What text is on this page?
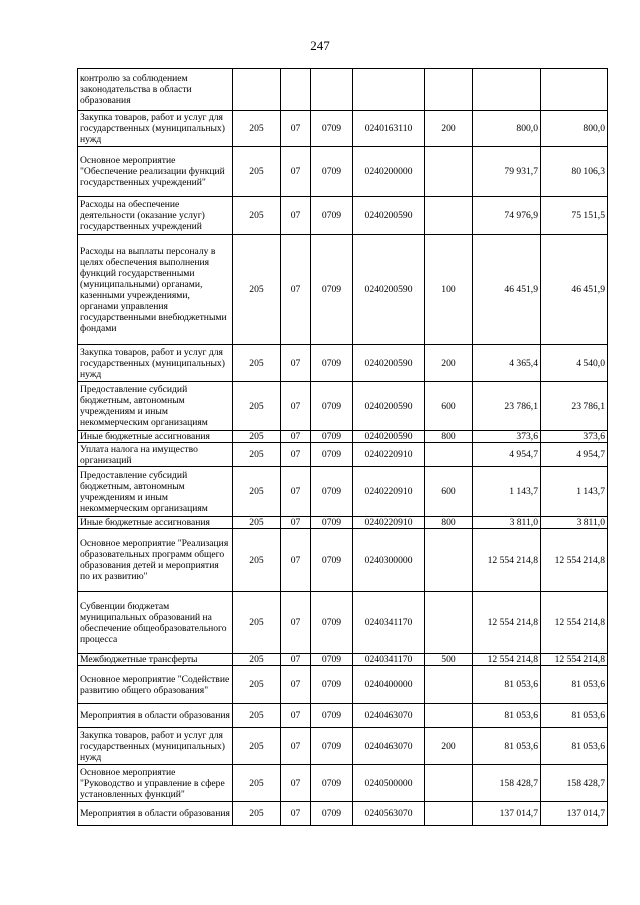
247
контролю за соблюдением законодательства в области образования							
Закупка товаров, работ и услуг для государственных (муниципальных) нужд	205	07	0709	0240163110	200	800,0	800,0
Основное мероприятие "Обеспечение реализации функций государственных учреждений"	205	07	0709	0240200000		79 931,7	80 106,3
Расходы на обеспечение деятельности (оказание услуг) государственных учреждений	205	07	0709	0240200590		74 976,9	75 151,5
Расходы на выплаты персоналу в целях обеспечения выполнения функций государственными (муниципальными) органами, казенными учреждениями, органами управления государственными внебюджетными фондами	205	07	0709	0240200590	100	46 451,9	46 451,9
Закупка товаров, работ и услуг для государственных (муниципальных) нужд	205	07	0709	0240200590	200	4 365,4	4 540,0
Предоставление субсидий бюджетным, автономным учреждениям и иным некоммерческим организациям	205	07	0709	0240200590	600	23 786,1	23 786,1
Иные бюджетные ассигнования	205	07	0709	0240200590	800	373,6	373,6
Уплата налога на имущество организаций	205	07	0709	0240220910		4 954,7	4 954,7
Предоставление субсидий бюджетным, автономным учреждениям и иным некоммерческим организациям	205	07	0709	0240220910	600	1 143,7	1 143,7
Иные бюджетные ассигнования	205	07	0709	0240220910	800	3 811,0	3 811,0
Основное мероприятие "Реализация образовательных программ общего образования детей и мероприятия по их развитию"	205	07	0709	0240300000		12 554 214,8	12 554 214,8
Субвенции бюджетам муниципальных образований на обеспечение общеобразовательного процесса	205	07	0709	0240341170		12 554 214,8	12 554 214,8
Межбюджетные трансферты	205	07	0709	0240341170	500	12 554 214,8	12 554 214,8
Основное мероприятие "Содействие развитию общего образования"	205	07	0709	0240400000		81 053,6	81 053,6
Мероприятия в области образования	205	07	0709	0240463070		81 053,6	81 053,6
Закупка товаров, работ и услуг для государственных (муниципальных) нужд	205	07	0709	0240463070	200	81 053,6	81 053,6
Основное мероприятие "Руководство и управление в сфере установленных функций"	205	07	0709	0240500000		158 428,7	158 428,7
Мероприятия в области образования	205	07	0709	0240563070		137 014,7	137 014,7
